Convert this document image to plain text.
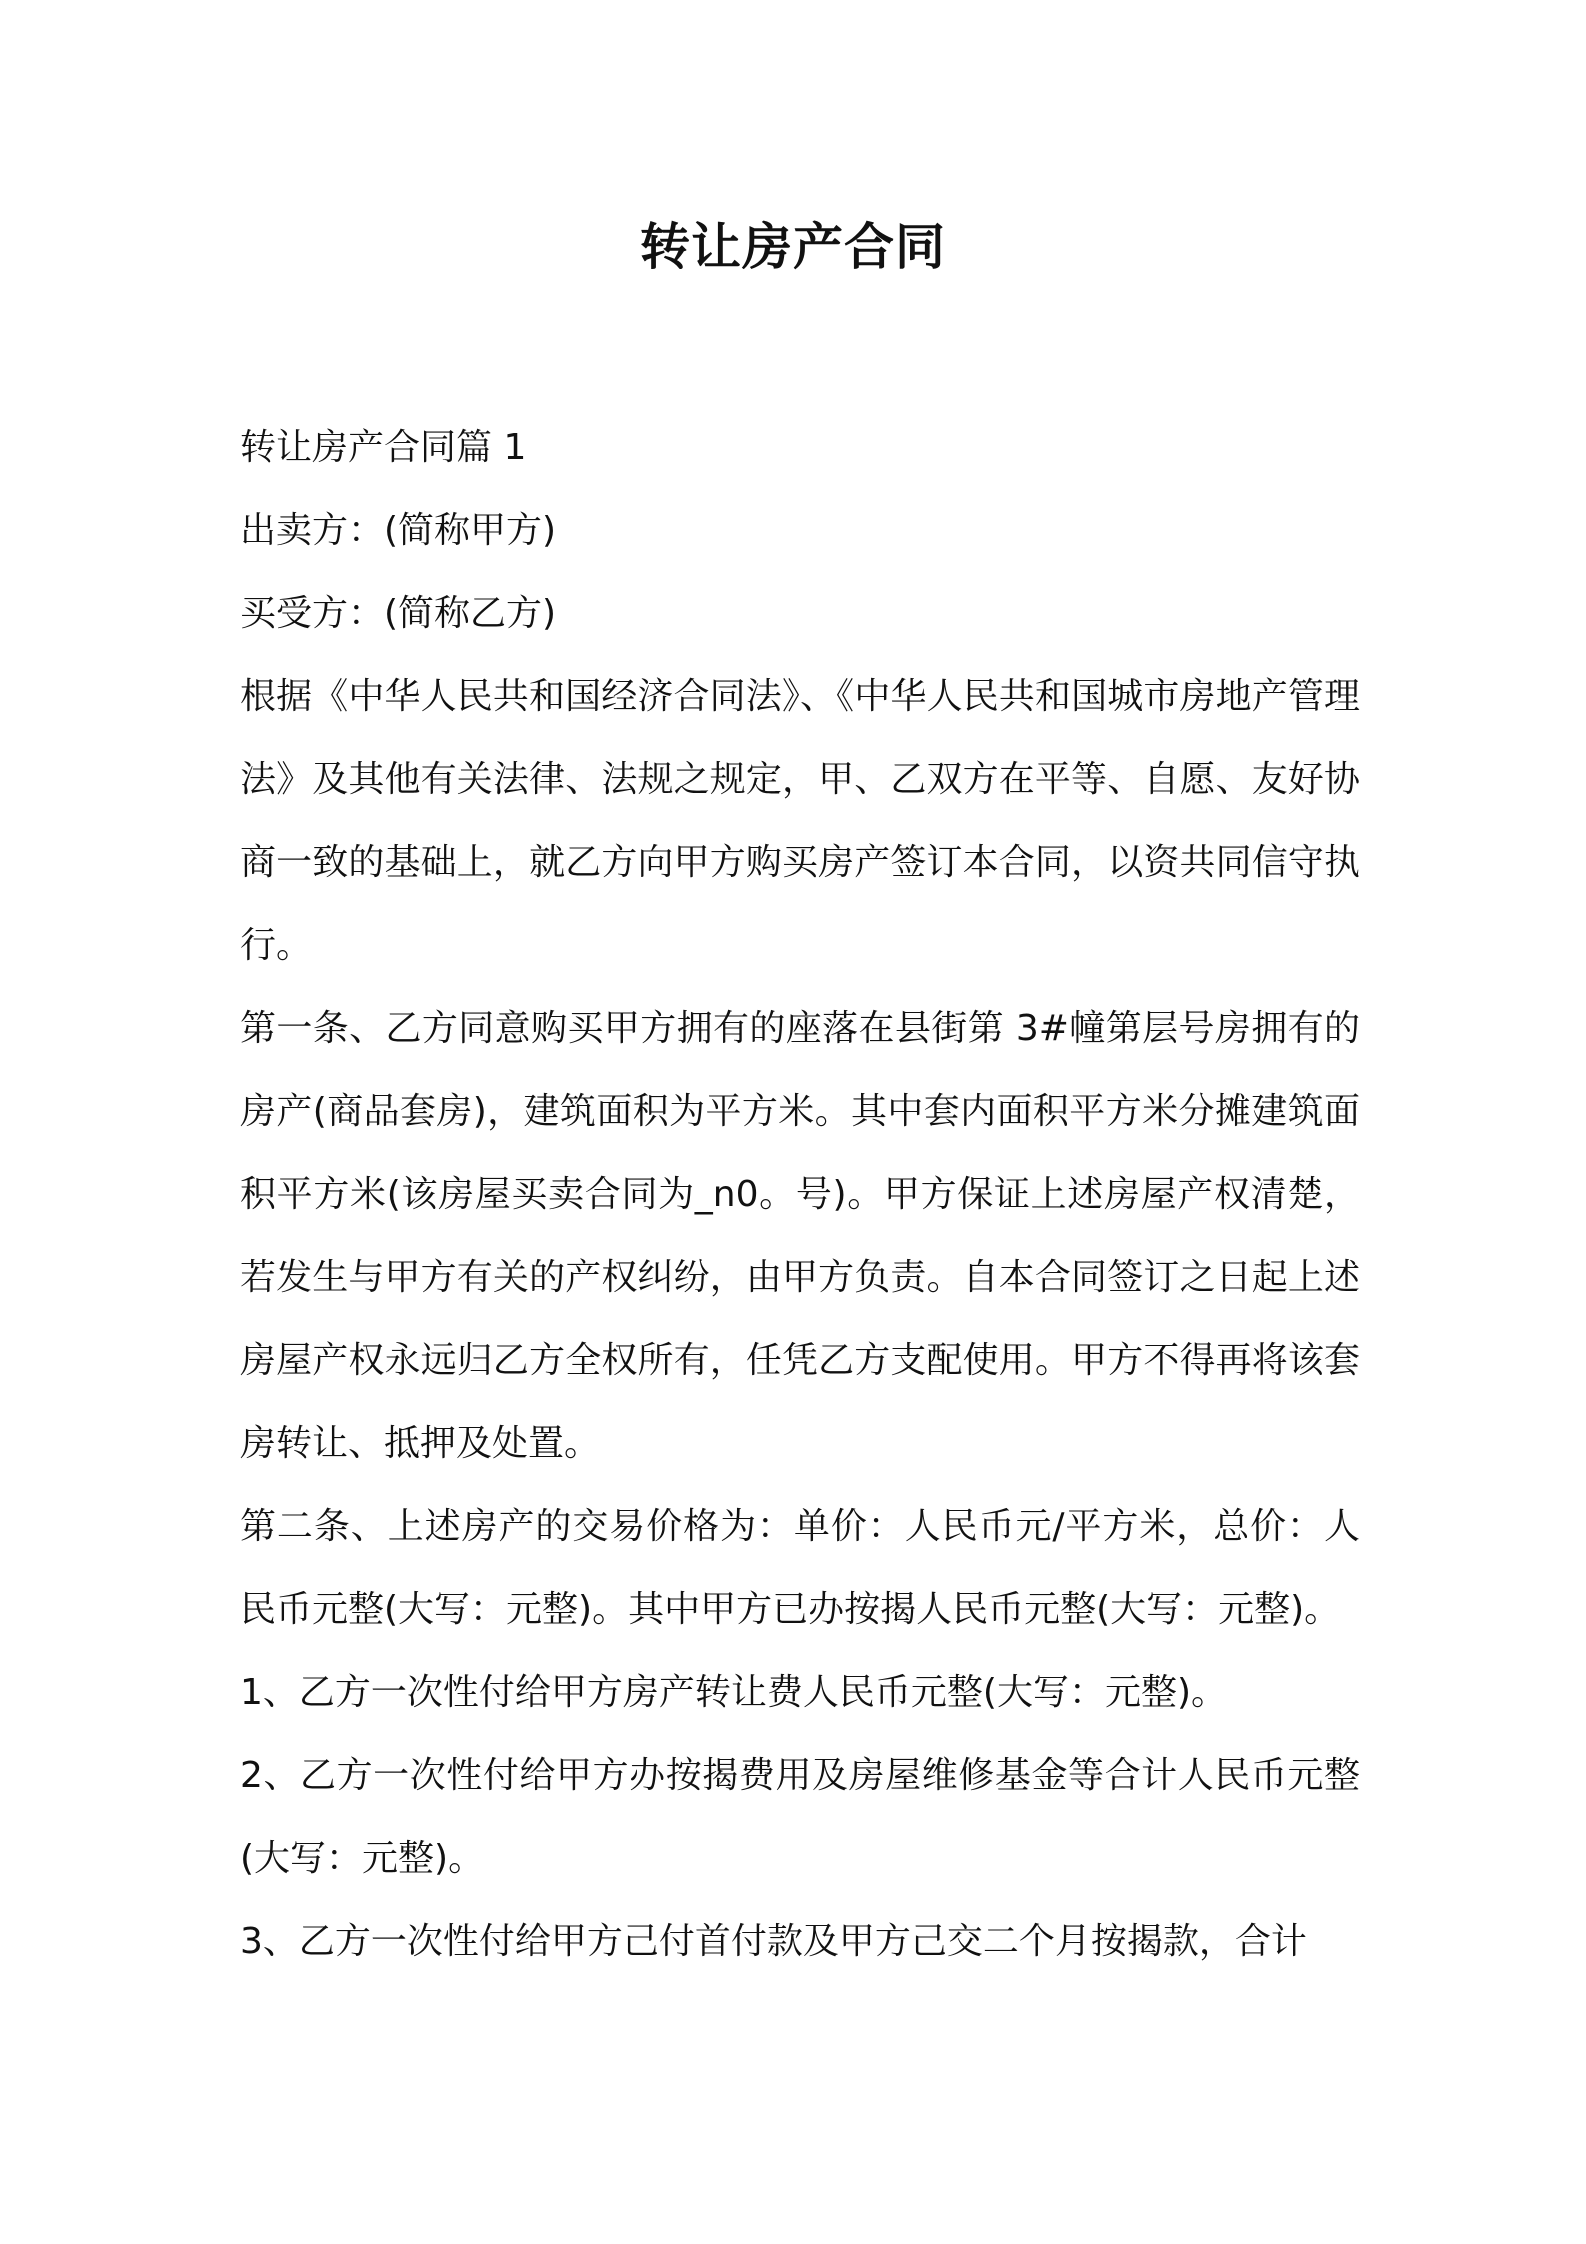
转让房产合同

转让房产合同篇 1

出卖方：(简称甲方)

买受方：(简称乙方)

根据《中华人民共和国经济合同法》、《中华人民共和国城市房地产管理法》及其他有关法律、法规之规定，甲、乙双方在平等、自愿、友好协商一致的基础上，就乙方向甲方购买房产签订本合同，以资共同信守执行。

第一条、乙方同意购买甲方拥有的座落在县街第 3#幢第层号房拥有的房产(商品套房)，建筑面积为平方米。其中套内面积平方米分摊建筑面积平方米(该房屋买卖合同为_n0。号)。甲方保证上述房屋产权清楚，若发生与甲方有关的产权纠纷，由甲方负责。自本合同签订之日起上述房屋产权永远归乙方全权所有，任凭乙方支配使用。甲方不得再将该套房转让、抵押及处置。

第二条、上述房产的交易价格为：单价：人民币元/平方米，总价：人民币元整(大写：元整)。其中甲方已办按揭人民币元整(大写：元整)。

1、乙方一次性付给甲方房产转让费人民币元整(大写：元整)。

2、乙方一次性付给甲方办按揭费用及房屋维修基金等合计人民币元整(大写：元整)。

3、乙方一次性付给甲方己付首付款及甲方己交二个月按揭款，合计
